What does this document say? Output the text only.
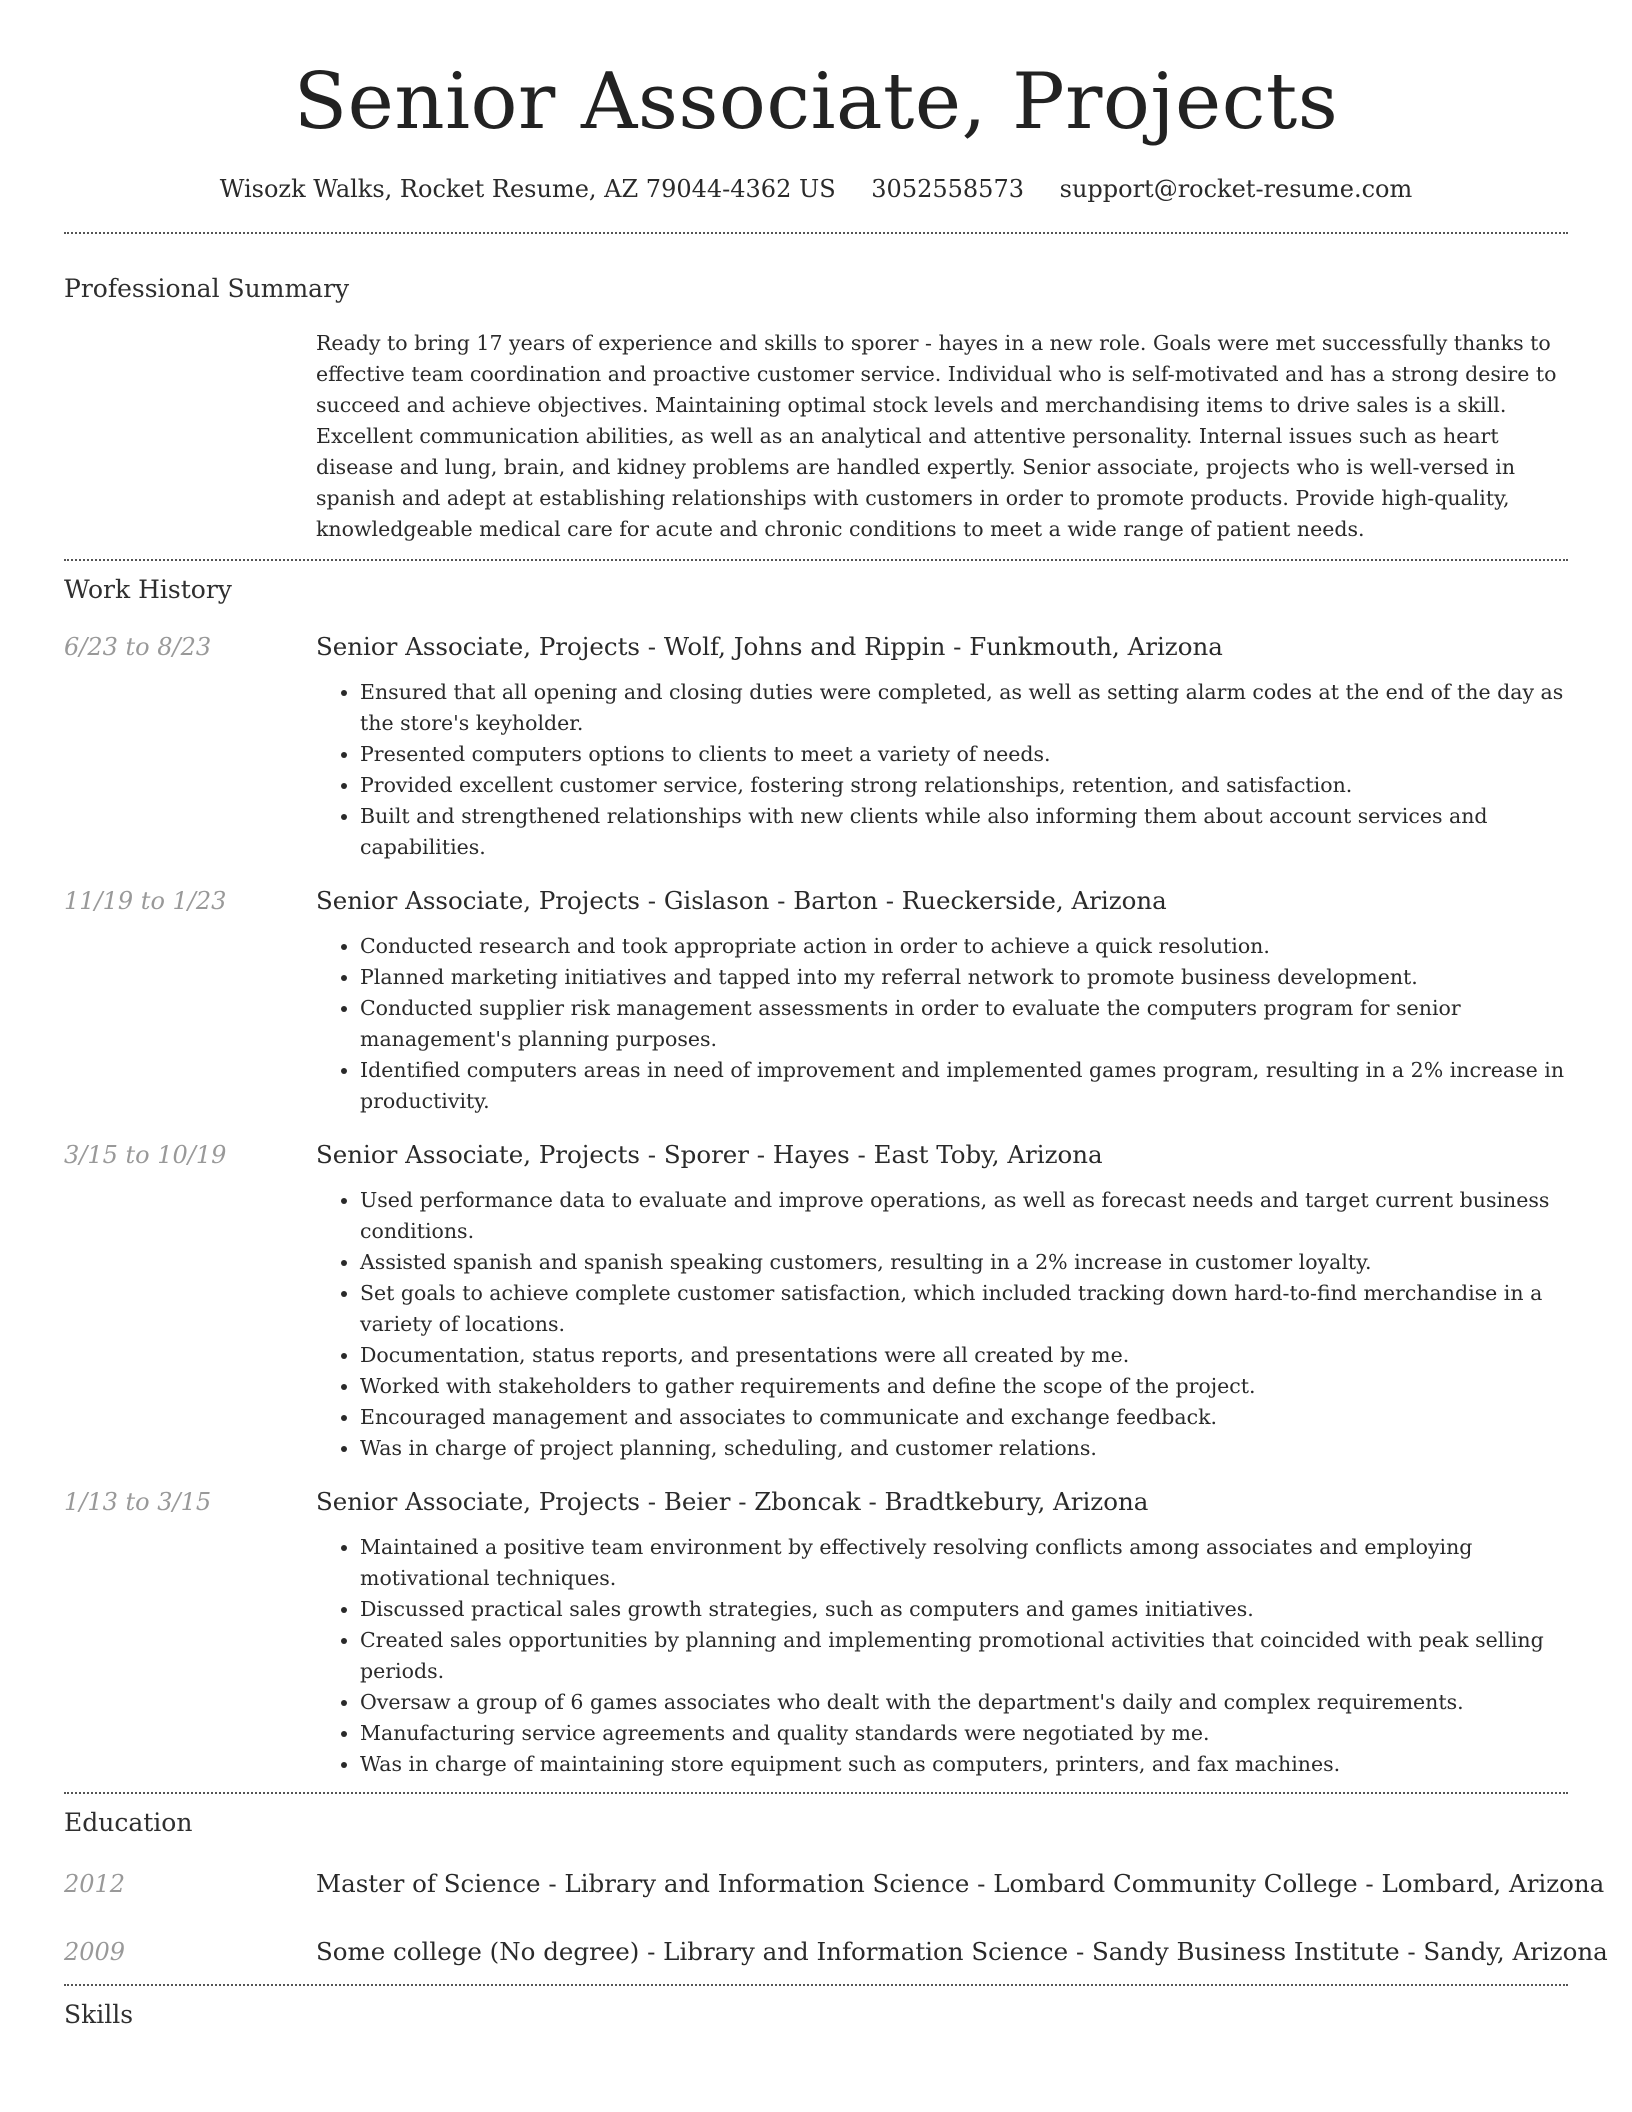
Senior Associate, Projects
Wisozk Walks, Rocket Resume, AZ 79044-4362 US 3052558573 support@rocket-resume.com
Professional Summary
Ready to bring 17 years of experience and skills to sporer - hayes in a new role. Goals were met successfully thanks to effective team coordination and proactive customer service. Individual who is self-motivated and has a strong desire to succeed and achieve objectives. Maintaining optimal stock levels and merchandising items to drive sales is a skill. Excellent communication abilities, as well as an analytical and attentive personality. Internal issues such as heart disease and lung, brain, and kidney problems are handled expertly. Senior associate, projects who is well-versed in spanish and adept at establishing relationships with customers in order to promote products. Provide high-quality, knowledgeable medical care for acute and chronic conditions to meet a wide range of patient needs.
Work History
6/23 to 8/23	Senior Associate, Projects - Wolf, Johns and Rippin - Funkmouth, Arizona
• Ensured that all opening and closing duties were completed, as well as setting alarm codes at the end of the day as the store's keyholder.
• Presented computers options to clients to meet a variety of needs.
• Provided excellent customer service, fostering strong relationships, retention, and satisfaction.
• Built and strengthened relationships with new clients while also informing them about account services and capabilities.
11/19 to 1/23	Senior Associate, Projects - Gislason - Barton - Rueckerside, Arizona
• Conducted research and took appropriate action in order to achieve a quick resolution.
• Planned marketing initiatives and tapped into my referral network to promote business development.
• Conducted supplier risk management assessments in order to evaluate the computers program for senior management's planning purposes.
• Identified computers areas in need of improvement and implemented games program, resulting in a 2% increase in productivity.
3/15 to 10/19	Senior Associate, Projects - Sporer - Hayes - East Toby, Arizona
• Used performance data to evaluate and improve operations, as well as forecast needs and target current business conditions.
• Assisted spanish and spanish speaking customers, resulting in a 2% increase in customer loyalty.
• Set goals to achieve complete customer satisfaction, which included tracking down hard-to-find merchandise in a variety of locations.
• Documentation, status reports, and presentations were all created by me.
• Worked with stakeholders to gather requirements and define the scope of the project.
• Encouraged management and associates to communicate and exchange feedback.
• Was in charge of project planning, scheduling, and customer relations.
1/13 to 3/15	Senior Associate, Projects - Beier - Zboncak - Bradtkebury, Arizona
• Maintained a positive team environment by effectively resolving conflicts among associates and employing motivational techniques.
• Discussed practical sales growth strategies, such as computers and games initiatives.
• Created sales opportunities by planning and implementing promotional activities that coincided with peak selling periods.
• Oversaw a group of 6 games associates who dealt with the department's daily and complex requirements.
• Manufacturing service agreements and quality standards were negotiated by me.
• Was in charge of maintaining store equipment such as computers, printers, and fax machines.
Education
2012	Master of Science - Library and Information Science - Lombard Community College - Lombard, Arizona
2009	Some college (No degree) - Library and Information Science - Sandy Business Institute - Sandy, Arizona
Skills
